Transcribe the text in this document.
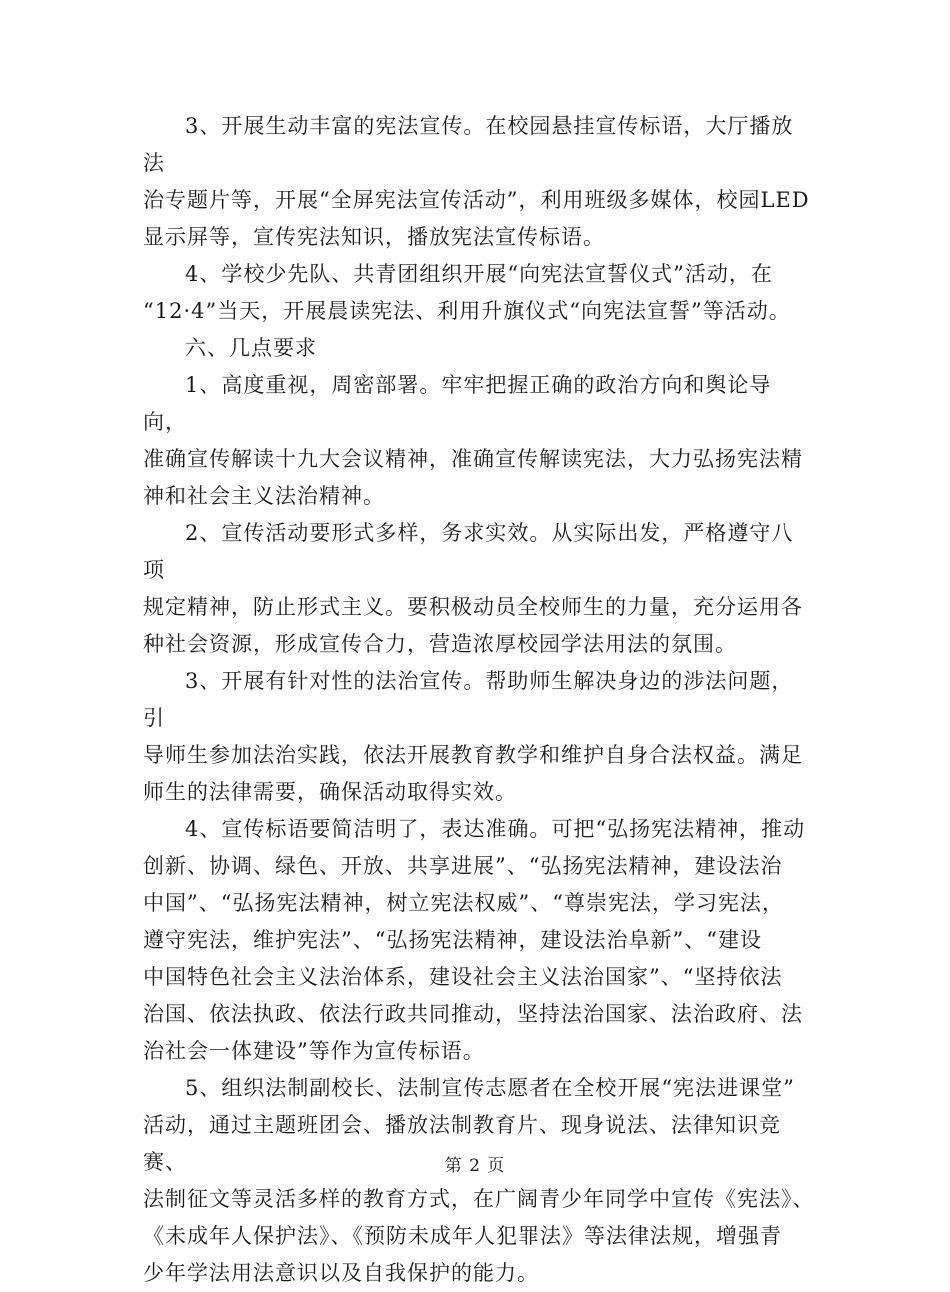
3、开展生动丰富的宪法宣传。在校园悬挂宣传标语，大厅播放法
治专题片等，开展“全屏宪法宣传活动”，利用班级多媒体，校园LED
显示屏等，宣传宪法知识，播放宪法宣传标语。
4、学校少先队、共青团组织开展“向宪法宣誓仪式”活动，在
“12·4”当天，开展晨读宪法、利用升旗仪式“向宪法宣誓”等活动。
六、几点要求
1、高度重视，周密部署。牢牢把握正确的政治方向和舆论导向，
准确宣传解读十九大会议精神，准确宣传解读宪法，大力弘扬宪法精
神和社会主义法治精神。
2、宣传活动要形式多样，务求实效。从实际出发，严格遵守八项
规定精神，防止形式主义。要积极动员全校师生的力量，充分运用各
种社会资源，形成宣传合力，营造浓厚校园学法用法的氛围。
3、开展有针对性的法治宣传。帮助师生解决身边的涉法问题，引
导师生参加法治实践，依法开展教育教学和维护自身合法权益。满足
师生的法律需要，确保活动取得实效。
4、宣传标语要简洁明了，表达准确。可把“弘扬宪法精神，推动
创新、协调、绿色、开放、共享进展”、“弘扬宪法精神，建设法治
中国”、“弘扬宪法精神，树立宪法权威”、“尊崇宪法，学习宪法，
遵守宪法，维护宪法”、“弘扬宪法精神，建设法治阜新”、“建设
中国特色社会主义法治体系，建设社会主义法治国家”、“坚持依法
治国、依法执政、依法行政共同推动，坚持法治国家、法治政府、法
治社会一体建设”等作为宣传标语。
5、组织法制副校长、法制宣传志愿者在全校开展“宪法进课堂”
活动，通过主题班团会、播放法制教育片、现身说法、法律知识竞赛、
法制征文等灵活多样的教育方式，在广阔青少年同学中宣传《宪法》、
《未成年人保护法》、《预防未成年人犯罪法》等法律法规，增强青
少年学法用法意识以及自我保护的能力。
第 2 页
